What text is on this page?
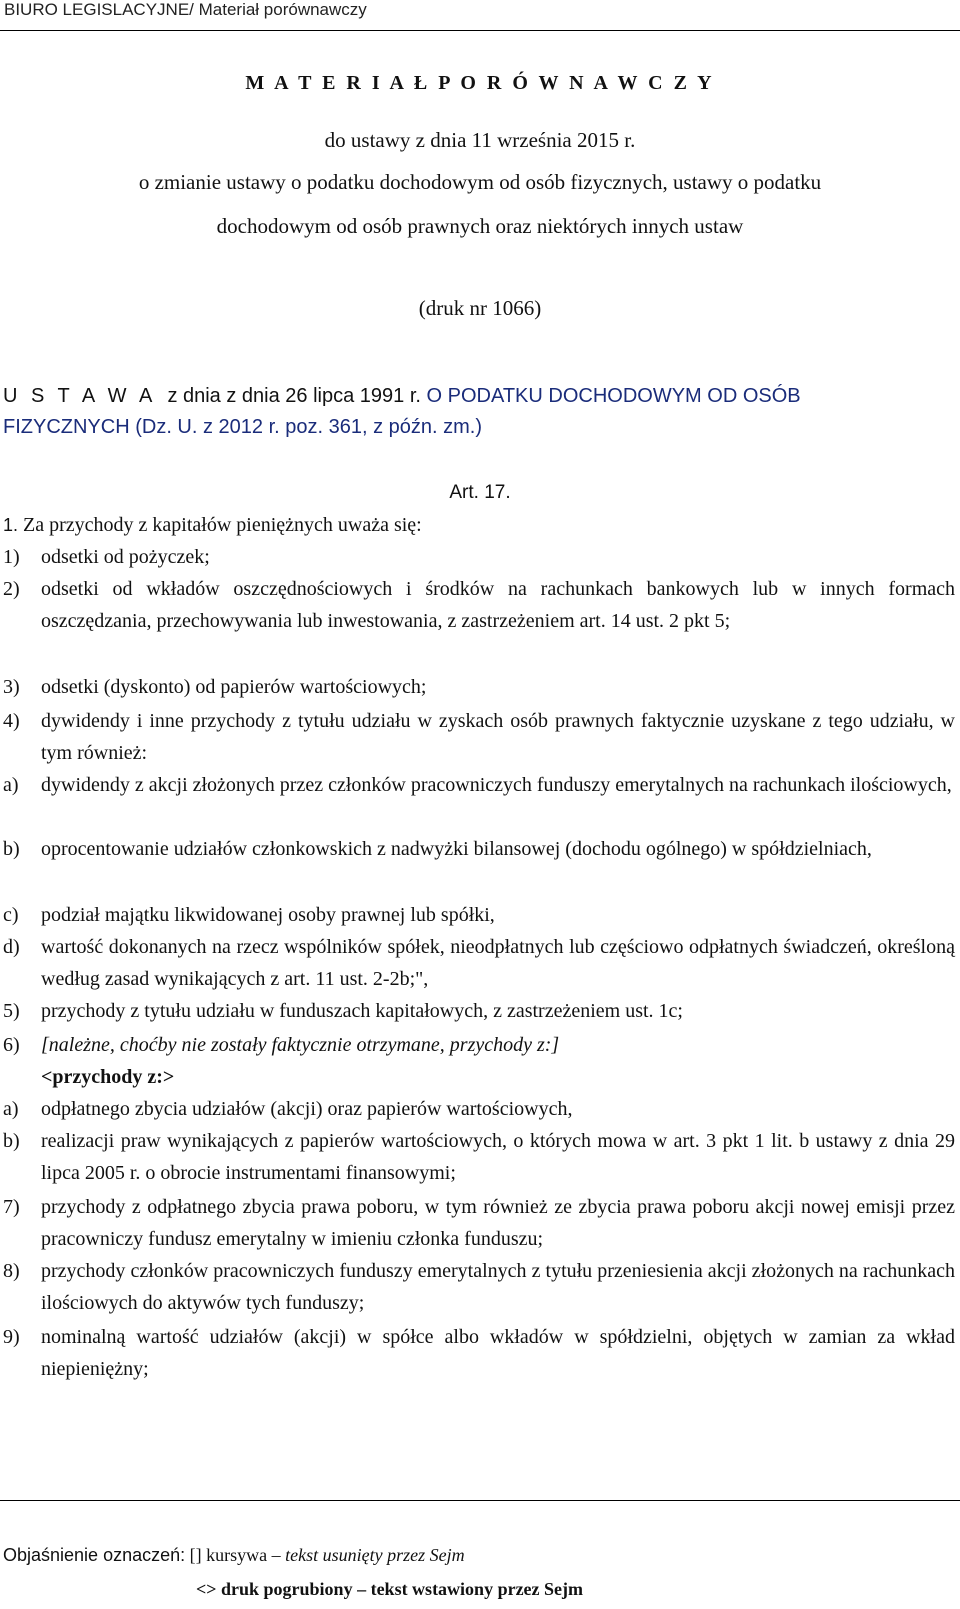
BIURO LEGISLACYJNE/ Materiał porównawczy
M A T E R I A Ł P O R Ó W N A W C Z Y
do ustawy z dnia 11 września 2015 r.
o zmianie ustawy o podatku dochodowym od osób fizycznych, ustawy o podatku
dochodowym od osób prawnych oraz niektórych innych ustaw
(druk nr 1066)
U S T A W A z dnia z dnia 26 lipca 1991 r. O PODATKU DOCHODOWYM OD OSÓB
FIZYCZNYCH (Dz. U. z 2012 r. poz. 361, z późn. zm.)
Art. 17.
1. Za przychody z kapitałów pieniężnych uważa się:
1) odsetki od pożyczek;
2) odsetki od wkładów oszczędnościowych i środków na rachunkach bankowych lub w innych formach oszczędzania, przechowywania lub inwestowania, z zastrzeżeniem art. 14 ust. 2 pkt 5;
3) odsetki (dyskonto) od papierów wartościowych;
4) dywidendy i inne przychody z tytułu udziału w zyskach osób prawnych faktycznie uzyskane z tego udziału, w tym również:
a) dywidendy z akcji złożonych przez członków pracowniczych funduszy emerytalnych na rachunkach ilościowych,
b) oprocentowanie udziałów członkowskich z nadwyżki bilansowej (dochodu ogólnego) w spółdzielniach,
c) podział majątku likwidowanej osoby prawnej lub spółki,
d) wartość dokonanych na rzecz wspólników spółek, nieodpłatnych lub częściowo odpłatnych świadczeń, określoną według zasad wynikających z art. 11 ust. 2-2b;",
5) przychody z tytułu udziału w funduszach kapitałowych, z zastrzeżeniem ust. 1c;
6) [należne, choćby nie zostały faktycznie otrzymane, przychody z:]
<przychody z:>
a) odpłatnego zbycia udziałów (akcji) oraz papierów wartościowych,
b) realizacji praw wynikających z papierów wartościowych, o których mowa w art. 3 pkt 1 lit. b ustawy z dnia 29 lipca 2005 r. o obrocie instrumentami finansowymi;
7) przychody z odpłatnego zbycia prawa poboru, w tym również ze zbycia prawa poboru akcji nowej emisji przez pracowniczy fundusz emerytalny w imieniu członka funduszu;
8) przychody członków pracowniczych funduszy emerytalnych z tytułu przeniesienia akcji złożonych na rachunkach ilościowych do aktywów tych funduszy;
9) nominalną wartość udziałów (akcji) w spółce albo wkładów w spółdzielni, objętych w zamian za wkład niepieniężny;
Objaśnienie oznaczeń: [] kursywa – tekst usunięty przez Sejm
<> druk pogrubiony – tekst wstawiony przez Sejm
